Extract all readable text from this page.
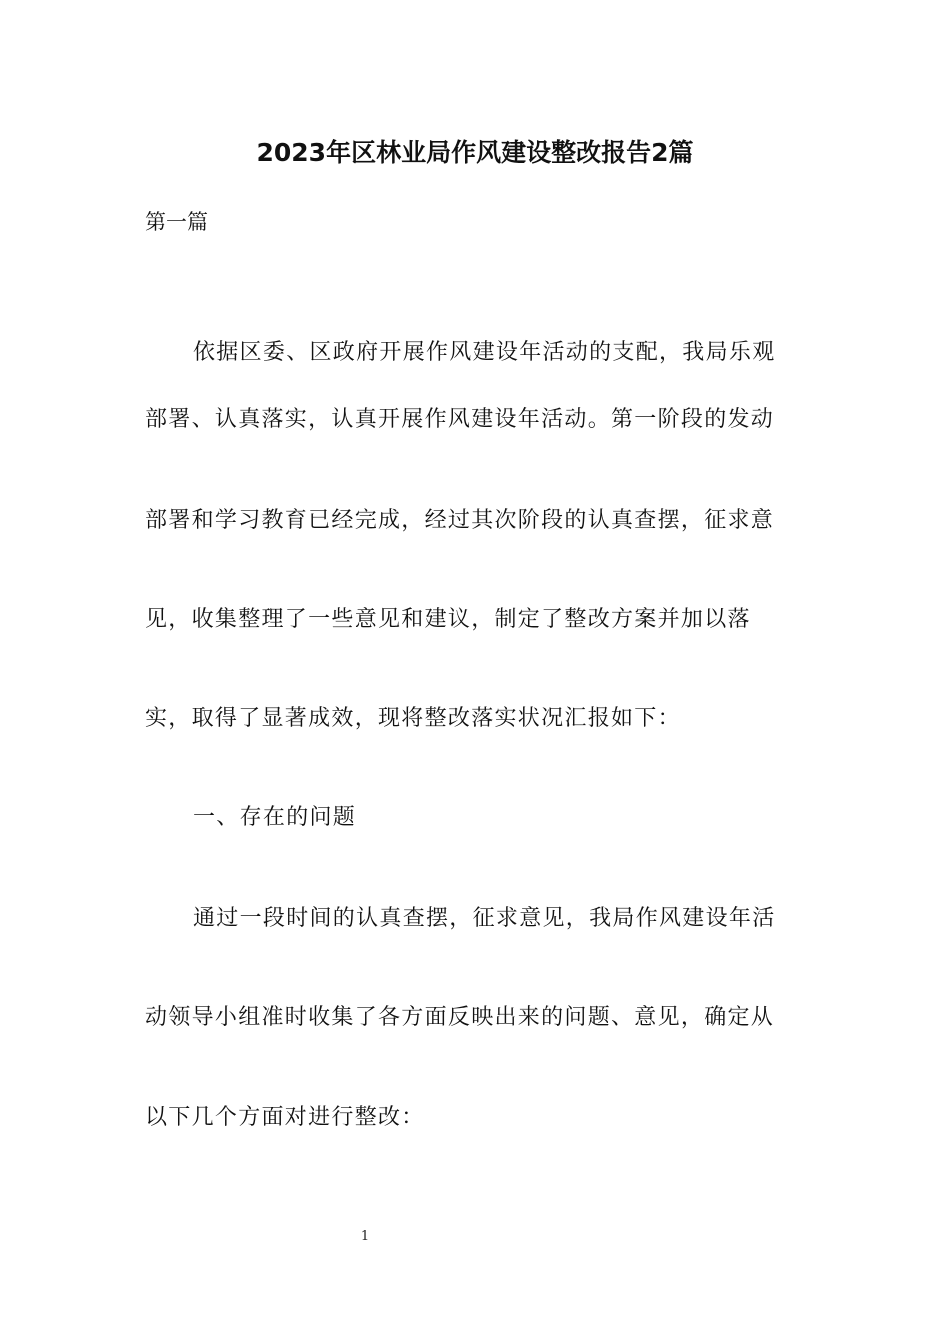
2023年区林业局作风建设整改报告2篇
第一篇
依据区委、区政府开展作风建设年活动的支配，我局乐观
部署、认真落实，认真开展作风建设年活动。第一阶段的发动
部署和学习教育已经完成，经过其次阶段的认真查摆，征求意
见，收集整理了一些意见和建议，制定了整改方案并加以落
实，取得了显著成效，现将整改落实状况汇报如下：
一、存在的问题
通过一段时间的认真查摆，征求意见，我局作风建设年活
动领导小组准时收集了各方面反映出来的问题、意见，确定从
以下几个方面对进行整改：
1
